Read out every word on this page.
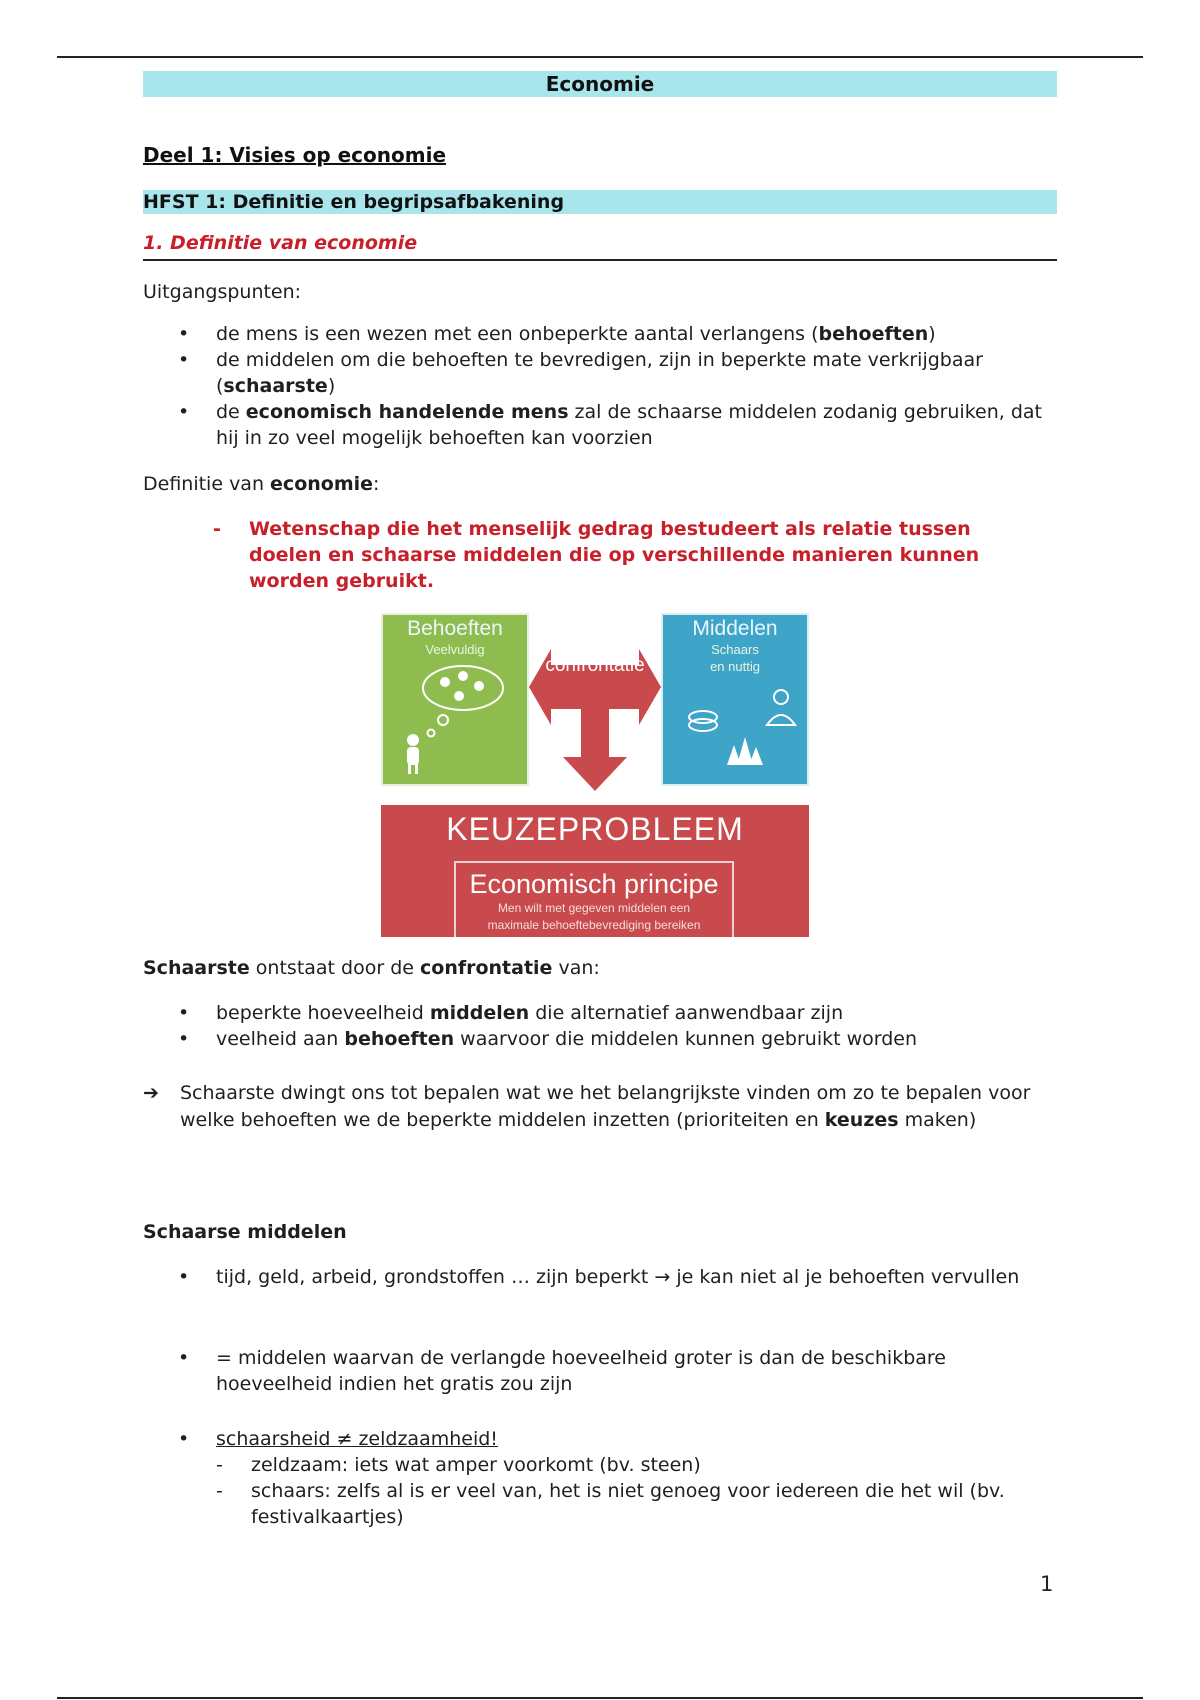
Economie
Deel 1: Visies op economie
HFST 1: Definitie en begripsafbakening
1. Definitie van economie
Uitgangspunten:
• de mens is een wezen met een onbeperkte aantal verlangens (behoeften)
• de middelen om die behoeften te bevredigen, zijn in beperkte mate verkrijgbaar (schaarste)
• de economisch handelende mens zal de schaarse middelen zodanig gebruiken, dat hij in zo veel mogelijk behoeften kan voorzien
Definitie van economie:
-	Wetenschap die het menselijk gedrag bestudeert als relatie tussen doelen en schaarse middelen die op verschillende manieren kunnen worden gebruikt.
Schaarste ontstaat door de confrontatie van:
• beperkte hoeveelheid middelen die alternatief aanwendbaar zijn
• veelheid aan behoeften waarvoor die middelen kunnen gebruikt worden
➔	Schaarste dwingt ons tot bepalen wat we het belangrijkste vinden om zo te bepalen voor welke behoeften we de beperkte middelen inzetten (prioriteiten en keuzes maken)
Schaarse middelen
• tijd, geld, arbeid, grondstoffen … zijn beperkt → je kan niet al je behoeften vervullen
• = middelen waarvan de verlangde hoeveelheid groter is dan de beschikbare hoeveelheid indien het gratis zou zijn
• schaarsheid ≠ zeldzaamheid!
- zeldzaam: iets wat amper voorkomt (bv. steen)
- schaars: zelfs al is er veel van, het is niet genoeg voor iedereen die het wil (bv. festivalkaartjes)
Behoeften
Veelvuldig
confrontatie
Middelen
Schaars
en nuttig
KEUZEPROBLEEM
Economisch principe
Men wilt met gegeven middelen een
maximale behoeftebevrediging bereiken
1
